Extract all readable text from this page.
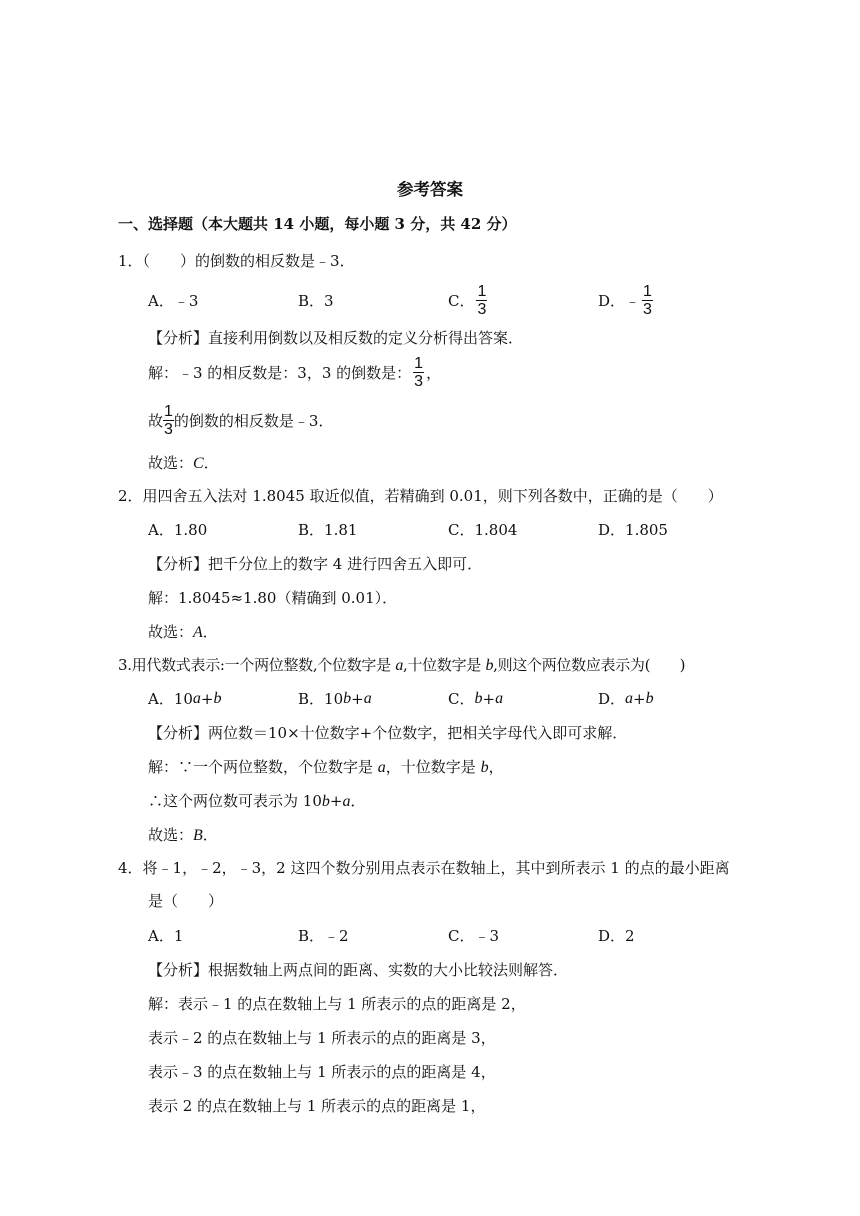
参考答案
一、选择题（本大题共 14 小题，每小题 3 分，共 42 分）
1．（　　）的倒数的相反数是﹣3．
A．﹣3	B．3	C． $\frac{1}{3}$	D．﹣ $\frac{1}{3}$
【分析】直接利用倒数以及相反数的定义分析得出答案．
解：﹣3 的相反数是：3，3 的倒数是： $\frac{1}{3}$ ，
故 $\frac{1}{3}$ 的倒数的相反数是﹣3．
故选：C．
2．用四舍五入法对 1.8045 取近似值，若精确到 0.01，则下列各数中，正确的是（　　）
A．1.80	B．1.81	C．1.804	D．1.805
【分析】把千分位上的数字 4 进行四舍五入即可．
解：1.8045≈1.80（精确到 0.01）．
故选：A．
3.用代数式表示:一个两位整数,个位数字是 a,十位数字是 b,则这个两位数应表示为(　　)
A．10 a + b	B．10 b + a	C． b + a	D． a + b
【分析】两位数＝10×十位数字+个位数字，把相关字母代入即可求解．
解：∵一个两位整数，个位数字是 a，十位数字是 b，
∴这个两位数可表示为 10b+a．
故选：B．
4．将﹣1，﹣2，﹣3，2 这四个数分别用点表示在数轴上，其中到所表示 1 的点的最小距离
是（　　）
A．1	B．﹣2	C．﹣3	D．2
【分析】根据数轴上两点间的距离、实数的大小比较法则解答．
解：表示﹣1 的点在数轴上与 1 所表示的点的距离是 2，
表示﹣2 的点在数轴上与 1 所表示的点的距离是 3，
表示﹣3 的点在数轴上与 1 所表示的点的距离是 4，
表示 2 的点在数轴上与 1 所表示的点的距离是 1，
